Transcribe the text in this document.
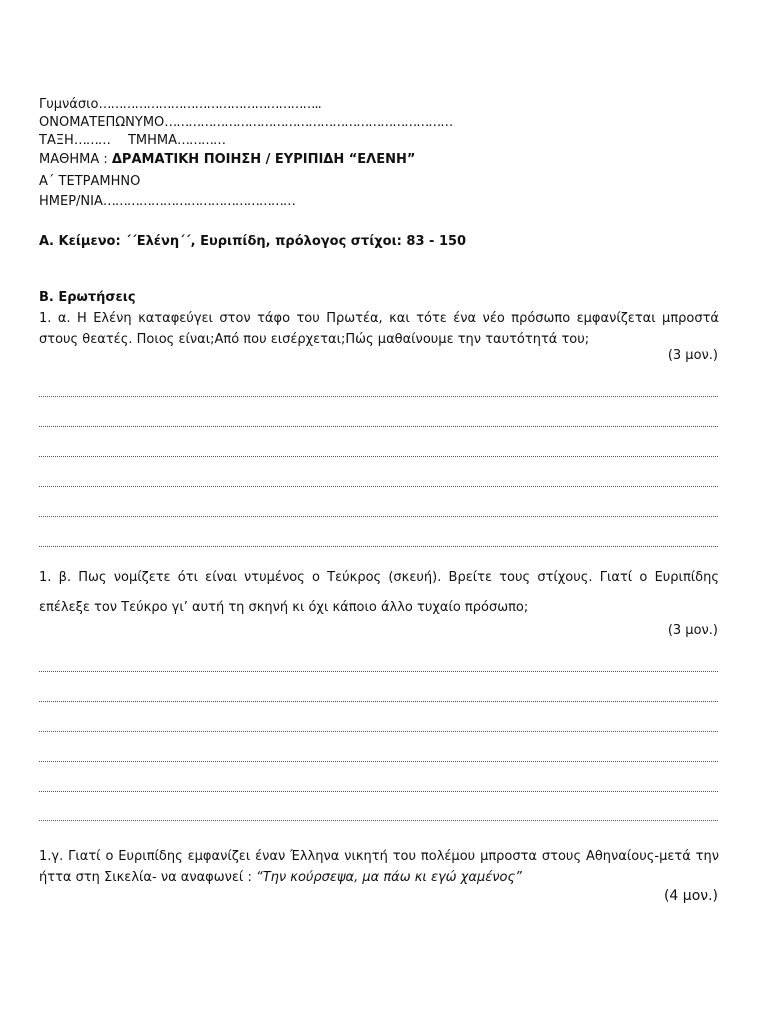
Γυμνάσιο………………………………………………..
ΟΝΟΜΑΤΕΠΩΝΥΜΟ………………………………………………………………
ΤΑΞΗ……… ΤΜΗΜΑ…………
ΜΑΘΗΜΑ : ΔΡΑΜΑΤΙΚΗ ΠΟΙΗΣΗ / ΕΥΡΙΠΙΔΗ “ΕΛΕΝΗ”
Α΄ ΤΕΤΡΑΜΗΝΟ
ΗΜΕΡ/ΝΙΑ…………………………………………
Α. Κείμενο: ΄΄Ελένη΄΄, Ευριπίδη, πρόλογος στίχοι: 83 - 150
Β. Ερωτήσεις
1. α. Η Ελένη καταφεύγει στον τάφο του Πρωτέα, και τότε ένα νέο πρόσωπο εμφανίζεται μπροστά στους θεατές. Ποιος είναι;Από που εισέρχεται;Πώς μαθαίνουμε την ταυτότητά του;
(3 μον.)
1. β. Πως νομίζετε ότι είναι ντυμένος ο Τεύκρος (σκευή). Βρείτε τους στίχους. Γιατί ο Ευριπίδης επέλεξε τον Τεύκρο γι’ αυτή τη σκηνή κι όχι κάποιο άλλο τυχαίο πρόσωπο;
(3 μον.)
1.γ. Γιατί ο Ευριπίδης εμφανίζει έναν Έλληνα νικητή του πολέμου μπροστα στους Αθηναίους-μετά την ήττα στη Σικελία- να αναφωνεί : “Την κούρσεψα, μα πάω κι εγώ χαμένος”
(4 μον.)
